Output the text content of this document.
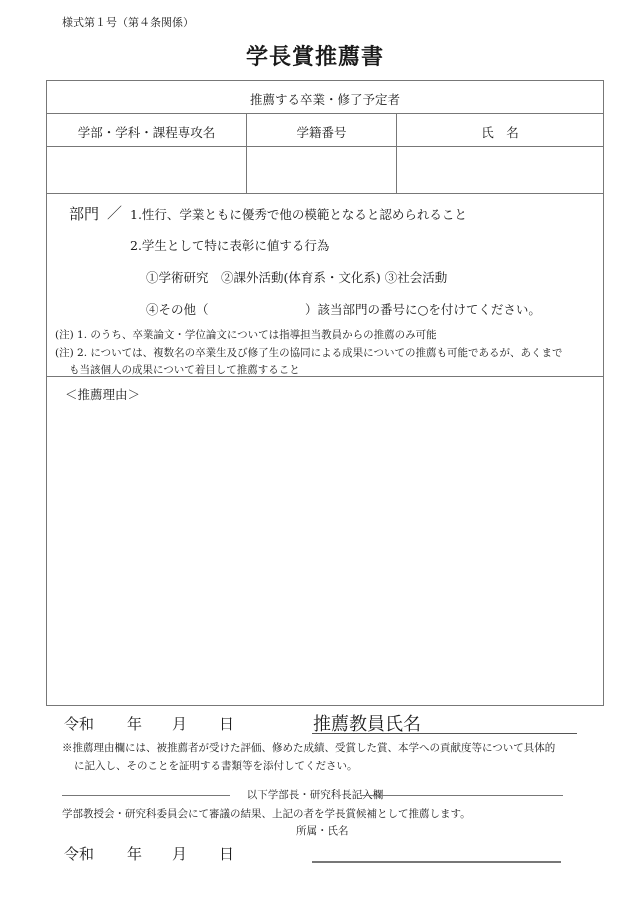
様式第１号（第４条関係）
学長賞推薦書
推薦する卒業・修了予定者
学部・学科・課程専攻名	学籍番号	氏　名
部門 ／ 1.性行、学業ともに優秀で他の模範となると認められること
2.学生として特に表彰に値する行為
①学術研究　②課外活動(体育系・文化系) ③社会活動
④その他（	）該当部門の番号に○を付けてください。
(注) 1. のうち、卒業論文・学位論文については指導担当教員からの推薦のみ可能
(注) 2. については、複数名の卒業生及び修了生の協同による成果についての推薦も可能であるが、あくまで
も当該個人の成果について着目して推薦すること
＜推薦理由＞
令和 年 月 日	推薦教員氏名
※推薦理由欄には、被推薦者が受けた評価、修めた成績、受賞した賞、本学への貢献度等について具体的
に記入し、そのことを証明する書類等を添付してください。
以下学部長・研究科長記入欄
学部教授会・研究科委員会にて審議の結果、上記の者を学長賞候補として推薦します。
所属・氏名
令和 年 月 日
